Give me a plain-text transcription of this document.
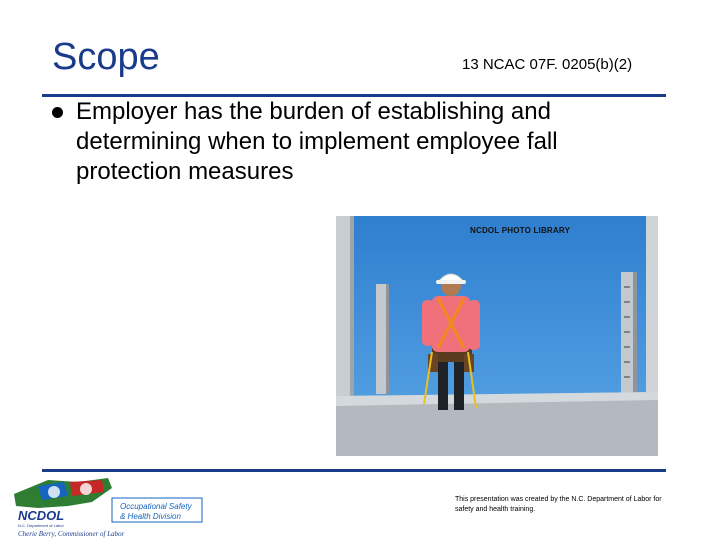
Scope	13 NCAC 07F. 0205(b)(2)
Employer has the burden of establishing and determining when to implement employee fall protection measures
NCDOL PHOTO LIBRARY
Occupational Safety
& Health Division
NCDOL
N.C. Department of Labor
Cherie Berry, Commissioner of Labor
This presentation was created by the N.C. Department of Labor for safety and health training.
